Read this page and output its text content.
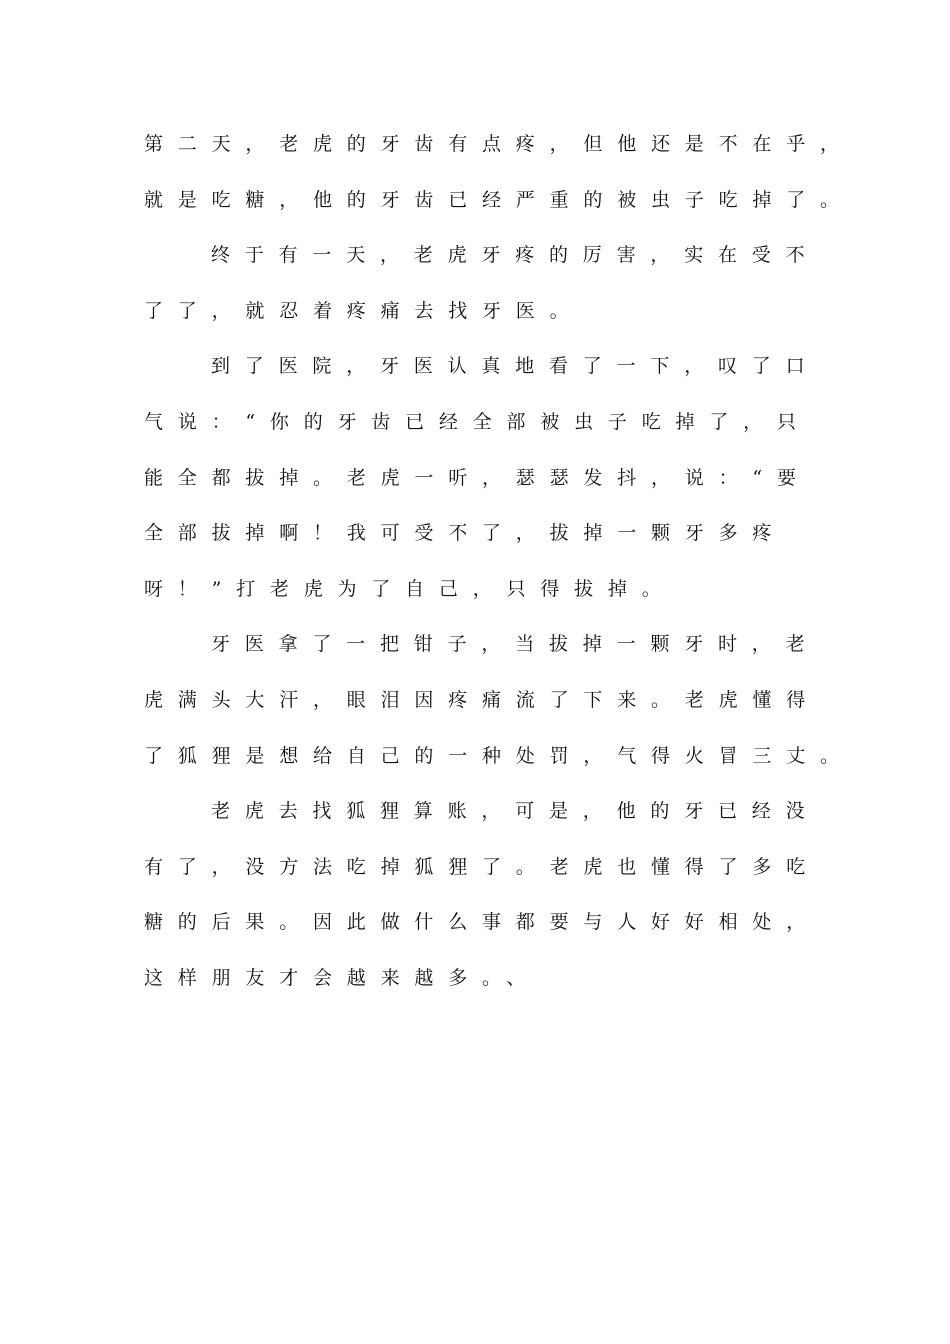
第二天，老虎的牙齿有点疼，但他还是不在乎，
就是吃糖，他的牙齿已经严重的被虫子吃掉了。
终于有一天，老虎牙疼的厉害，实在受不
了了，就忍着疼痛去找牙医。
到了医院，牙医认真地看了一下，叹了口
气说：“你的牙齿已经全部被虫子吃掉了，只
能全都拔掉。老虎一听，瑟瑟发抖，说：“要
全部拔掉啊！我可受不了，拔掉一颗牙多疼
呀！”打老虎为了自己，只得拔掉。
牙医拿了一把钳子，当拔掉一颗牙时，老
虎满头大汗，眼泪因疼痛流了下来。老虎懂得
了狐狸是想给自己的一种处罚，气得火冒三丈。
老虎去找狐狸算账，可是，他的牙已经没
有了，没方法吃掉狐狸了。老虎也懂得了多吃
糖的后果。因此做什么事都要与人好好相处，
这样朋友才会越来越多。、
